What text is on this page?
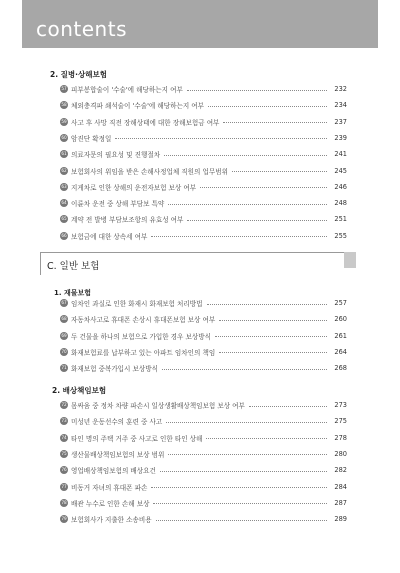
contents
2. 질병·상해보험
57 피부봉합술이 '수술'에 해당하는지 여부	232
58 체외충격파 쇄석술이 '수술'에 해당하는지 여부	234
59 사고 후 사망 직전 장해상태에 대한 장해보험금 여부	237
60 암진단 확정일	239
61 의료자문의 필요성 및 진행절차	241
62 보험회사의 위임을 받은 손해사정업체 직원의 업무범위	245
63 지게차로 인한 상해의 운전자보험 보상 여부	246
64 이륜차 운전 중 상해 부담보 특약	248
65 계약 전 발병 부담보조항의 유효성 여부	251
66 보험금에 대한 상속세 여부	255
C. 일반 보험
1. 재물보험
67 임차인 과실로 인한 화재시 화재보험 처리방법	257
68 자동차사고로 휴대폰 손상시 휴대폰보험 보상 여부	260
69 두 건물을 하나의 보험으로 가입한 경우 보상방식	261
70 화재보험료를 납부하고 있는 아파트 임차인의 책임	264
71 화재보험 중복가입시 보상방식	268
2. 배상책임보험
72 몸싸움 중 정차 차량 파손시 일상생활배상책임보험 보상 여부	273
73 미성년 운동선수의 훈련 중 사고	275
74 타인 명의 주택 거주 중 사고로 인한 타인 상해	278
75 생산물배상책임보험의 보상 범위	280
76 영업배상책임보험의 배상요건	282
77 비동거 자녀의 휴대폰 파손	284
78 배관 누수로 인한 손해 보상	287
79 보험회사가 지출한 소송비용	289
